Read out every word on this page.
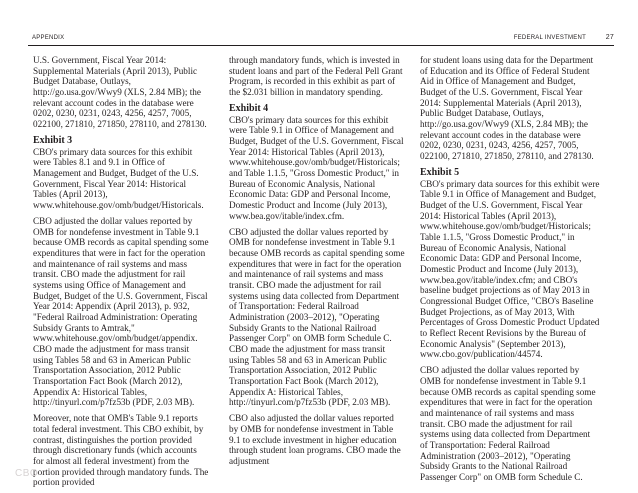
APPENDIX	FEDERAL INVESTMENT	27

U.S. Government, Fiscal Year 2014: Supplemental Materials (April 2013), Public Budget Database, Outlays, http://go.usa.gov/Wwy9 (XLS, 2.84 MB); the relevant account codes in the database were 0202, 0230, 0231, 0243, 4256, 4257, 7005, 022100, 271810, 271850, 278110, and 278130.

Exhibit 3

CBO's primary data sources for this exhibit were Tables 8.1 and 9.1 in Office of Management and Budget, Budget of the U.S. Government, Fiscal Year 2014: Historical Tables (April 2013), www.whitehouse.gov/omb/budget/Historicals.

CBO adjusted the dollar values reported by OMB for nondefense investment in Table 9.1 because OMB records as capital spending some expenditures that were in fact for the operation and maintenance of rail systems and mass transit. CBO made the adjustment for rail systems using Office of Management and Budget, Budget of the U.S. Government, Fiscal Year 2014: Appendix (April 2013), p. 932, "Federal Railroad Administration: Operating Subsidy Grants to Amtrak," www.whitehouse.gov/omb/budget/appendix. CBO made the adjustment for mass transit using Tables 58 and 63 in American Public Transportation Association, 2012 Public Transportation Fact Book (March 2012), Appendix A: Historical Tables, http://tinyurl.com/p7fz53b (PDF, 2.03 MB).

Moreover, note that OMB's Table 9.1 reports total federal investment. This CBO exhibit, by contrast, distinguishes the portion provided through discretionary funds (which accounts for almost all federal investment) from the portion provided through mandatory funds. The portion provided

through mandatory funds, which is invested in student loans and part of the Federal Pell Grant Program, is recorded in this exhibit as part of the $2.031 billion in mandatory spending.

Exhibit 4

CBO's primary data sources for this exhibit were Table 9.1 in Office of Management and Budget, Budget of the U.S. Government, Fiscal Year 2014: Historical Tables (April 2013), www.whitehouse.gov/omb/budget/Historicals; and Table 1.1.5, "Gross Domestic Product," in Bureau of Economic Analysis, National Economic Data: GDP and Personal Income, Domestic Product and Income (July 2013), www.bea.gov/itable/index.cfm.

CBO adjusted the dollar values reported by OMB for nondefense investment in Table 9.1 because OMB records as capital spending some expenditures that were in fact for the operation and maintenance of rail systems and mass transit. CBO made the adjustment for rail systems using data collected from Department of Transportation: Federal Railroad Administration (2003–2012), "Operating Subsidy Grants to the National Railroad Passenger Corp" on OMB form Schedule C. CBO made the adjustment for mass transit using Tables 58 and 63 in American Public Transportation Association, 2012 Public Transportation Fact Book (March 2012), Appendix A: Historical Tables, http://tinyurl.com/p7fz53b (PDF, 2.03 MB).

CBO also adjusted the dollar values reported by OMB for nondefense investment in Table 9.1 to exclude investment in higher education through student loan programs. CBO made the adjustment

for student loans using data for the Department of Education and its Office of Federal Student Aid in Office of Management and Budget, Budget of the U.S. Government, Fiscal Year 2014: Supplemental Materials (April 2013), Public Budget Database, Outlays, http://go.usa.gov/Wwy9 (XLS, 2.84 MB); the relevant account codes in the database were 0202, 0230, 0231, 0243, 4256, 4257, 7005, 022100, 271810, 271850, 278110, and 278130.

Exhibit 5

CBO's primary data sources for this exhibit were Table 9.1 in Office of Management and Budget, Budget of the U.S. Government, Fiscal Year 2014: Historical Tables (April 2013), www.whitehouse.gov/omb/budget/Historicals; Table 1.1.5, "Gross Domestic Product," in Bureau of Economic Analysis, National Economic Data: GDP and Personal Income, Domestic Product and Income (July 2013), www.bea.gov/itable/index.cfm; and CBO's baseline budget projections as of May 2013 in Congressional Budget Office, "CBO's Baseline Budget Projections, as of May 2013, With Percentages of Gross Domestic Product Updated to Reflect Recent Revisions by the Bureau of Economic Analysis" (September 2013), www.cbo.gov/publication/44574.

CBO adjusted the dollar values reported by OMB for nondefense investment in Table 9.1 because OMB records as capital spending some expenditures that were in fact for the operation and maintenance of rail systems and mass transit. CBO made the adjustment for rail systems using data collected from Department of Transportation: Federal Railroad Administration (2003–2012), "Operating Subsidy Grants to the National Railroad Passenger Corp" on OMB form Schedule C.

CBO
